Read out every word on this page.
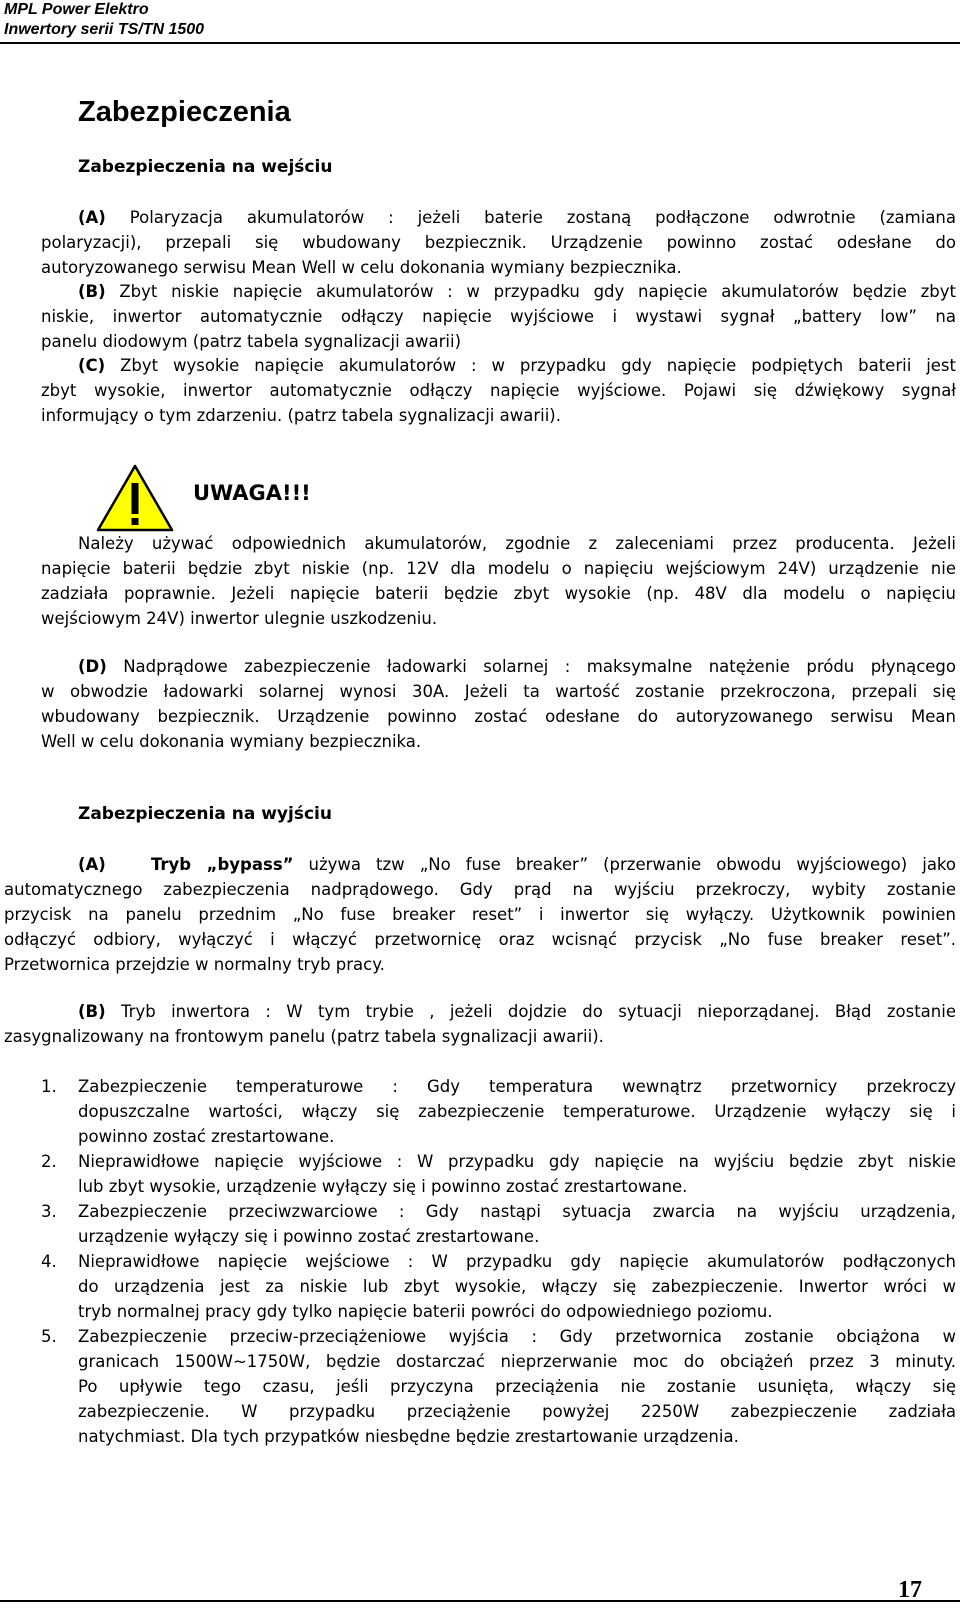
MPL Power Elektro
Inwertory serii TS/TN 1500
Zabezpieczenia
Zabezpieczenia na wejściu
(A) Polaryzacja akumulatorów : jeżeli baterie zostaną podłączone odwrotnie (zamiana
polaryzacji), przepali się wbudowany bezpiecznik. Urządzenie powinno zostać odesłane do
autoryzowanego serwisu Mean Well w celu dokonania wymiany bezpiecznika.
(B) Zbyt niskie napięcie akumulatorów : w przypadku gdy napięcie akumulatorów będzie zbyt
niskie, inwertor automatycznie odłączy napięcie wyjściowe i wystawi sygnał „battery low” na
panelu diodowym (patrz tabela sygnalizacji awarii)
(C) Zbyt wysokie napięcie akumulatorów : w przypadku gdy napięcie podpiętych baterii jest
zbyt wysokie, inwertor automatycznie odłączy napięcie wyjściowe. Pojawi się dźwiękowy sygnał
informujący o tym zdarzeniu. (patrz tabela sygnalizacji awarii).
UWAGA!!!
Należy używać odpowiednich akumulatorów, zgodnie z zaleceniami przez producenta. Jeżeli
napięcie baterii będzie zbyt niskie (np. 12V dla modelu o napięciu wejściowym 24V) urządzenie nie
zadziała poprawnie. Jeżeli napięcie baterii będzie zbyt wysokie (np. 48V dla modelu o napięciu
wejściowym 24V) inwertor ulegnie uszkodzeniu.
(D) Nadprądowe zabezpieczenie ładowarki solarnej : maksymalne natężenie pródu płynącego
w obwodzie ładowarki solarnej wynosi 30A. Jeżeli ta wartość zostanie przekroczona, przepali się
wbudowany bezpiecznik. Urządzenie powinno zostać odesłane do autoryzowanego serwisu Mean
Well w celu dokonania wymiany bezpiecznika.
Zabezpieczenia na wyjściu
(A)	Tryb „bypass” używa tzw „No fuse breaker” (przerwanie obwodu wyjściowego) jako
automatycznego zabezpieczenia nadprądowego. Gdy prąd na wyjściu przekroczy, wybity zostanie
przycisk na panelu przednim „No fuse breaker reset” i inwertor się wyłączy. Użytkownik powinien
odłączyć odbiory, wyłączyć i włączyć przetwornicę oraz wcisnąć przycisk „No fuse breaker reset”.
Przetwornica przejdzie w normalny tryb pracy.
(B) Tryb inwertora : W tym trybie , jeżeli dojdzie do sytuacji nieporządanej. Błąd zostanie
zasygnalizowany na frontowym panelu (patrz tabela sygnalizacji awarii).
1. Zabezpieczenie temperaturowe : Gdy temperatura wewnątrz przetwornicy przekroczy
dopuszczalne wartości, włączy się zabezpieczenie temperaturowe. Urządzenie wyłączy się i
powinno zostać zrestartowane.
2. Nieprawidłowe napięcie wyjściowe : W przypadku gdy napięcie na wyjściu będzie zbyt niskie
lub zbyt wysokie, urządzenie wyłączy się i powinno zostać zrestartowane.
3. Zabezpieczenie przeciwzwarciowe : Gdy nastąpi sytuacja zwarcia na wyjściu urządzenia,
urządzenie wyłączy się i powinno zostać zrestartowane.
4. Nieprawidłowe napięcie wejściowe : W przypadku gdy napięcie akumulatorów podłączonych
do urządzenia jest za niskie lub zbyt wysokie, włączy się zabezpieczenie. Inwertor wróci w
tryb normalnej pracy gdy tylko napięcie baterii powróci do odpowiedniego poziomu.
5. Zabezpieczenie przeciw-przeciążeniowe wyjścia : Gdy przetwornica zostanie obciążona w
granicach 1500W~1750W, będzie dostarczać nieprzerwanie moc do obciążeń przez 3 minuty.
Po upływie tego czasu, jeśli przyczyna przeciążenia nie zostanie usunięta, włączy się
zabezpieczenie. W przypadku przeciążenie powyżej 2250W zabezpieczenie zadziała
natychmiast. Dla tych przypatków niesbędne będzie zrestartowanie urządzenia.
17
